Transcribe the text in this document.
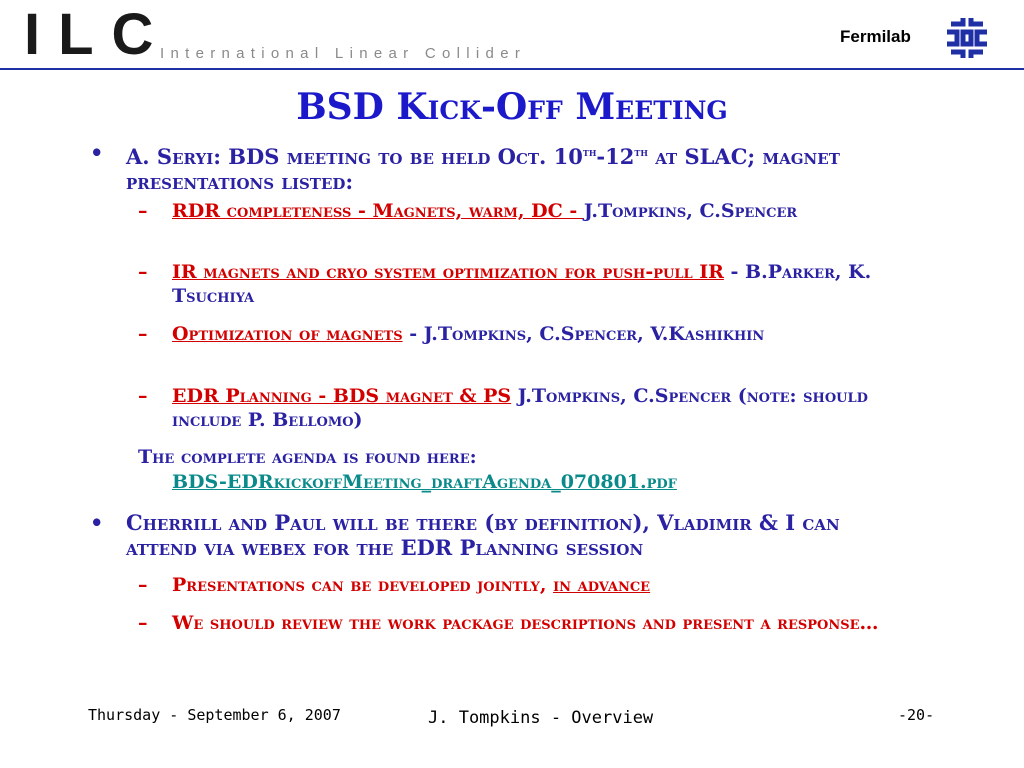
ILC
International Linear Collider
Fermilab
BSD Kick-Off Meeting
• A. Seryi: BDS meeting to be held Oct. 10th-12th at SLAC; magnet presentations listed:
– RDR completeness - Magnets, warm, DC - J.Tompkins, C.Spencer
– IR magnets and cryo system optimization for push-pull IR - B.Parker, K. Tsuchiya
– Optimization of magnets - J.Tompkins, C.Spencer, V.Kashikhin
– EDR Planning - BDS magnet & PS J.Tompkins, C.Spencer (note: should include P. Bellomo)
The complete agenda is found here:
BDS-EDRkickoffMeeting_draftAgenda_070801.pdf
• Cherrill and Paul will be there (by definition), Vladimir & I can attend via webex for the EDR Planning session
– Presentations can be developed jointly, in advance
– We should review the work package descriptions and present a response…
Thursday - September 6, 2007	J. Tompkins - Overview	-20-
